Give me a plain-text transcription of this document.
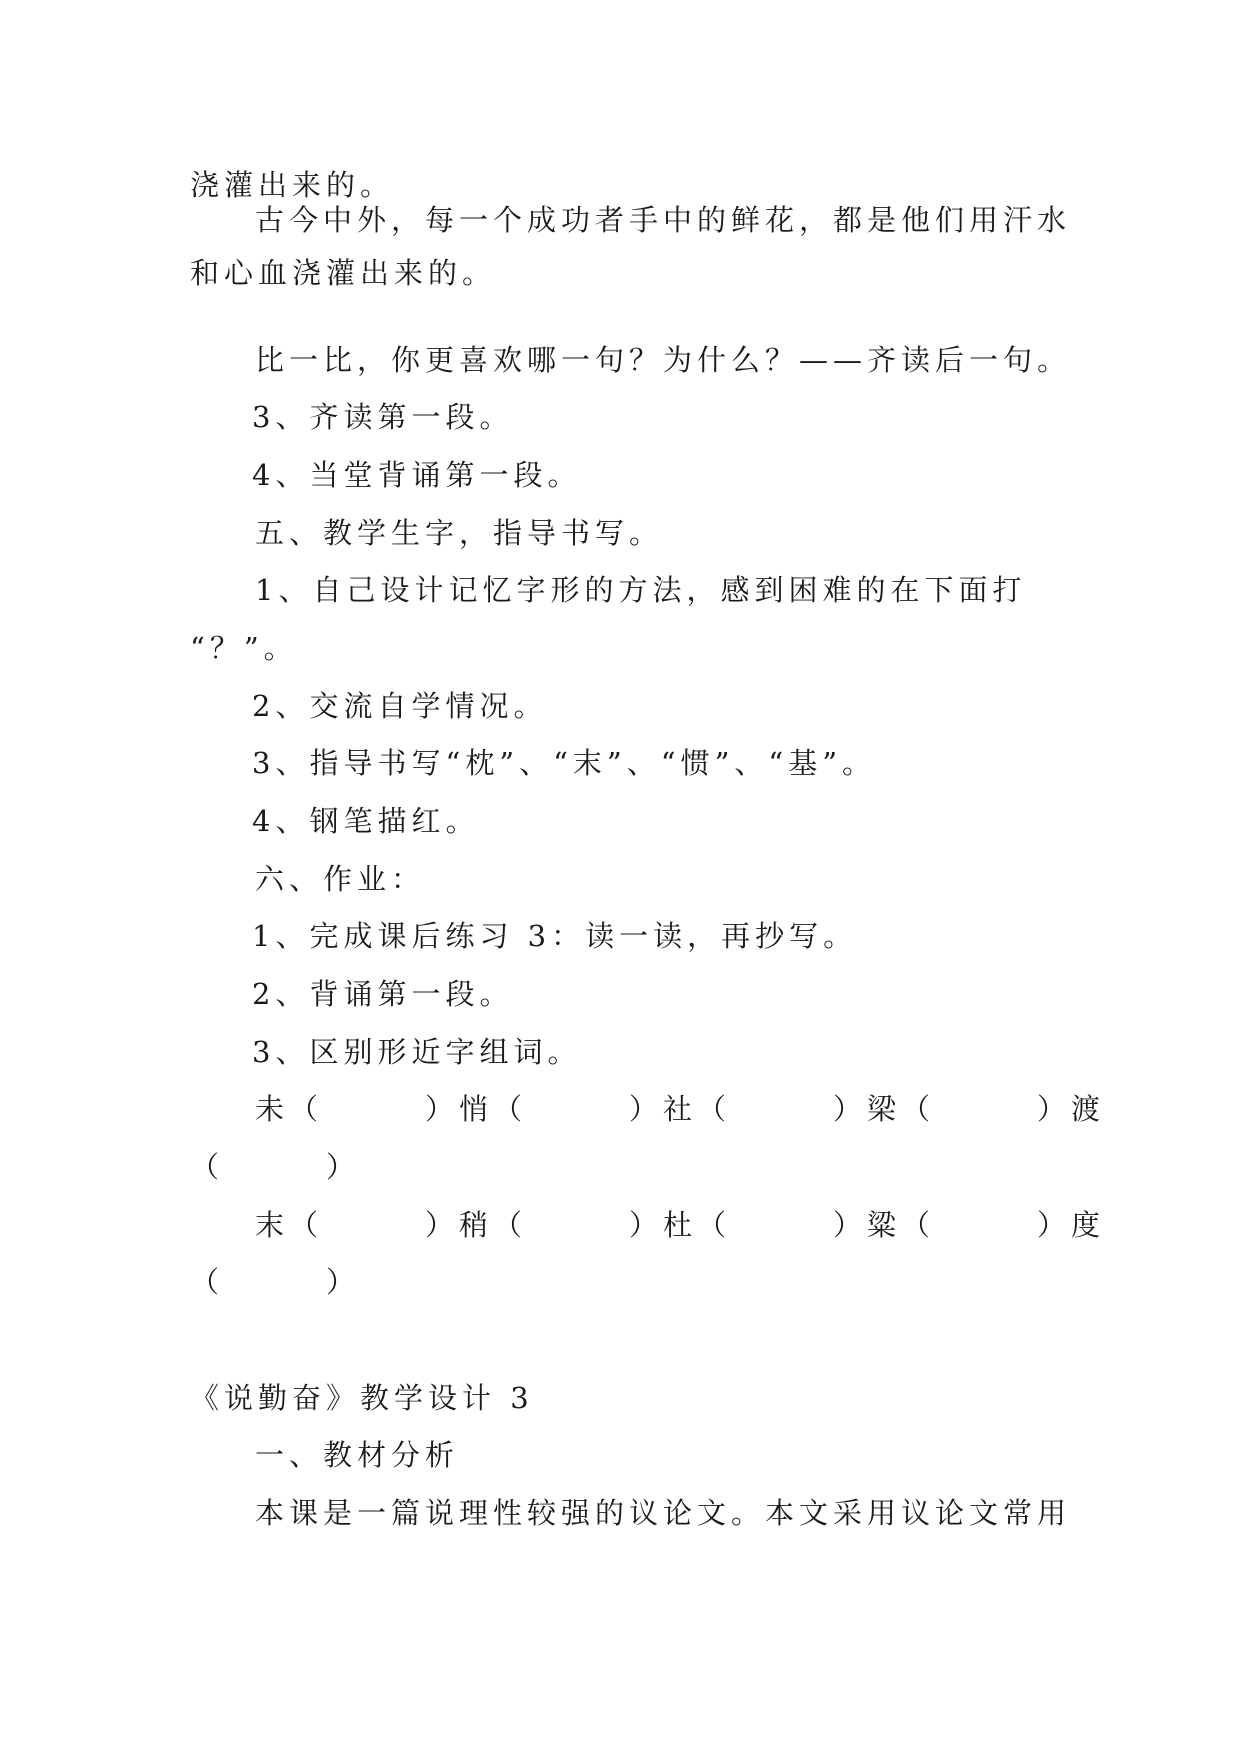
浇灌出来的。
古今中外，每一个成功者手中的鲜花，都是他们用汗水
和心血浇灌出来的。
比一比，你更喜欢哪一句？为什么？——齐读后一句。
3、齐读第一段。
4、当堂背诵第一段。
五、教学生字，指导书写。
1、自己设计记忆字形的方法，感到困难的在下面打
“？”。
2、交流自学情况。
3、指导书写“枕”、“末”、“惯”、“基”。
4、钢笔描红。
六、作业：
1、完成课后练习 3：读一读，再抄写。
2、背诵第一段。
3、区别形近字组词。
未（　　　）悄（　　　）社（　　　）梁（　　　）渡
（　　　）
末（　　　）稍（　　　）杜（　　　）粱（　　　）度
（　　　）
《说勤奋》教学设计 3
一、教材分析
本课是一篇说理性较强的议论文。本文采用议论文常用
